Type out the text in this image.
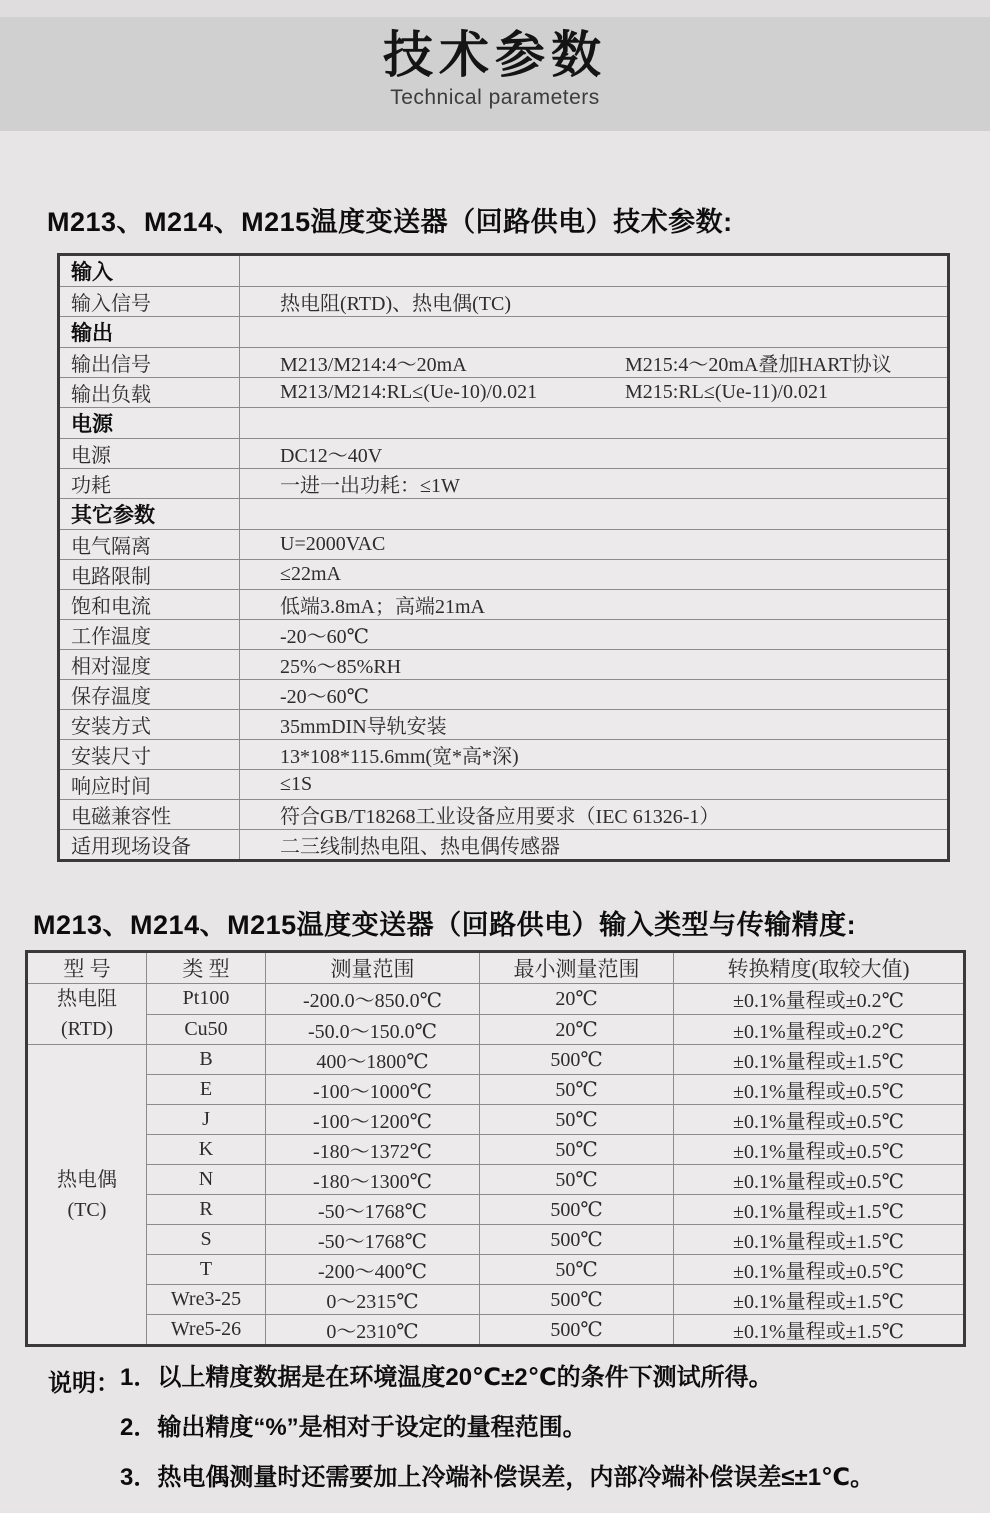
技术参数
Technical parameters
M213、M214、M215温度变送器（回路供电）技术参数:
输入	
输入信号	热电阻(RTD)、热电偶(TC)
输出	
输出信号	M213/M214:4～20mA M215:4～20mA叠加HART协议
输出负载	M213/M214:RL≤(Ue-10)/0.021 M215:RL≤(Ue-11)/0.021
电源	
电源	DC12～40V
功耗	一进一出功耗：≤1W
其它参数	
电气隔离	U=2000VAC
电路限制	≤22mA
饱和电流	低端3.8mA；高端21mA
工作温度	-20～60℃
相对湿度	25%～85%RH
保存温度	-20～60℃
安装方式	35mmDIN导轨安装
安装尺寸	13*108*115.6mm(宽*高*深)
响应时间	≤1S
电磁兼容性	符合GB/T18268工业设备应用要求（IEC 61326-1）
适用现场设备	二三线制热电阻、热电偶传感器
M213、M214、M215温度变送器（回路供电）输入类型与传输精度:
型 号	类 型	测量范围	最小测量范围	转换精度(取较大值)

热电阻
(RTD)	Pt100	-200.0～850.0℃	20℃	±0.1%量程或±0.2℃
	Cu50	-50.0～150.0℃	20℃	±0.1%量程或±0.2℃

热电偶
(TC)	B	400～1800℃	500℃	±0.1%量程或±1.5℃
	E	-100～1000℃	50℃	±0.1%量程或±0.5℃
	J	-100～1200℃	50℃	±0.1%量程或±0.5℃
	K	-180～1372℃	50℃	±0.1%量程或±0.5℃
	N	-180～1300℃	50℃	±0.1%量程或±0.5℃
	R	-50～1768℃	500℃	±0.1%量程或±1.5℃
	S	-50～1768℃	500℃	±0.1%量程或±1.5℃
	T	-200～400℃	50℃	±0.1%量程或±0.5℃
	Wre3-25	0～2315℃	500℃	±0.1%量程或±1.5℃
	Wre5-26	0～2310℃	500℃	±0.1%量程或±1.5℃
说明： 1．以上精度数据是在环境温度20℃±2℃的条件下测试所得。
2．输出精度“%”是相对于设定的量程范围。
3．热电偶测量时还需要加上冷端补偿误差，内部冷端补偿误差≤±1℃。
